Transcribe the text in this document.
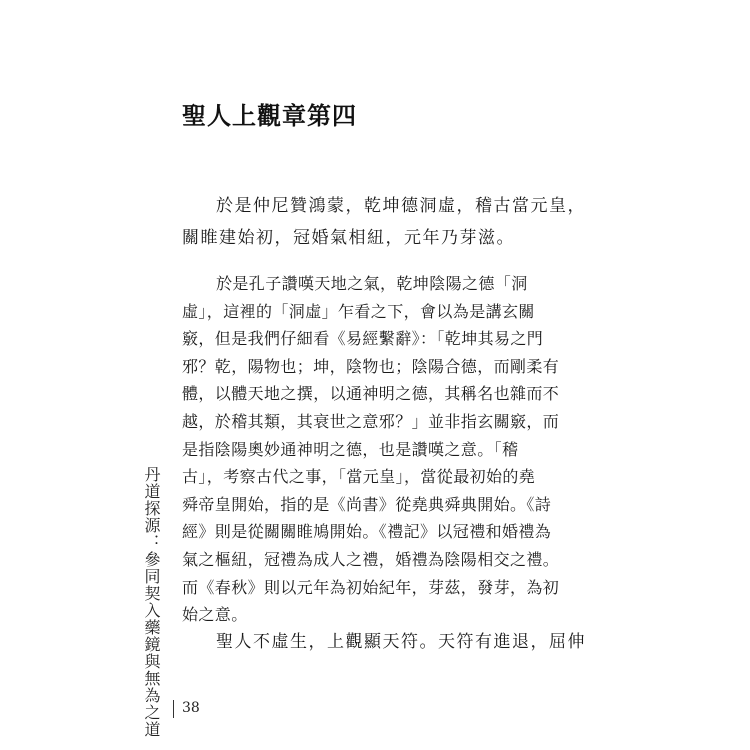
聖人上觀章第四
於是仲尼贊鴻蒙，乾坤德洞虛，稽古當元皇，
關睢建始初，冠婚氣相紐，元年乃芽滋。
於是孔子讚嘆天地之氣，乾坤陰陽之德「洞
虛」，這裡的「洞虛」乍看之下，會以為是講玄關
竅，但是我們仔細看《易經繫辭》：「乾坤其易之門
邪？乾，陽物也；坤，陰物也；陰陽合德，而剛柔有
體，以體天地之撰，以通神明之德，其稱名也雜而不
越，於稽其類，其衰世之意邪？」並非指玄關竅，而
是指陰陽奧妙通神明之德，也是讚嘆之意。「稽
古」，考察古代之事，「當元皇」，當從最初始的堯
舜帝皇開始，指的是《尚書》從堯典舜典開始。《詩
經》則是從關關睢鳩開始。《禮記》以冠禮和婚禮為
氣之樞紐，冠禮為成人之禮，婚禮為陰陽相交之禮。
而《春秋》則以元年為初始紀年，芽茲，發芽，為初
始之意。
聖人不虛生，上觀顯天符。天符有進退，屈伸
丹道探源：參同契入藥鏡與無為之道 38
